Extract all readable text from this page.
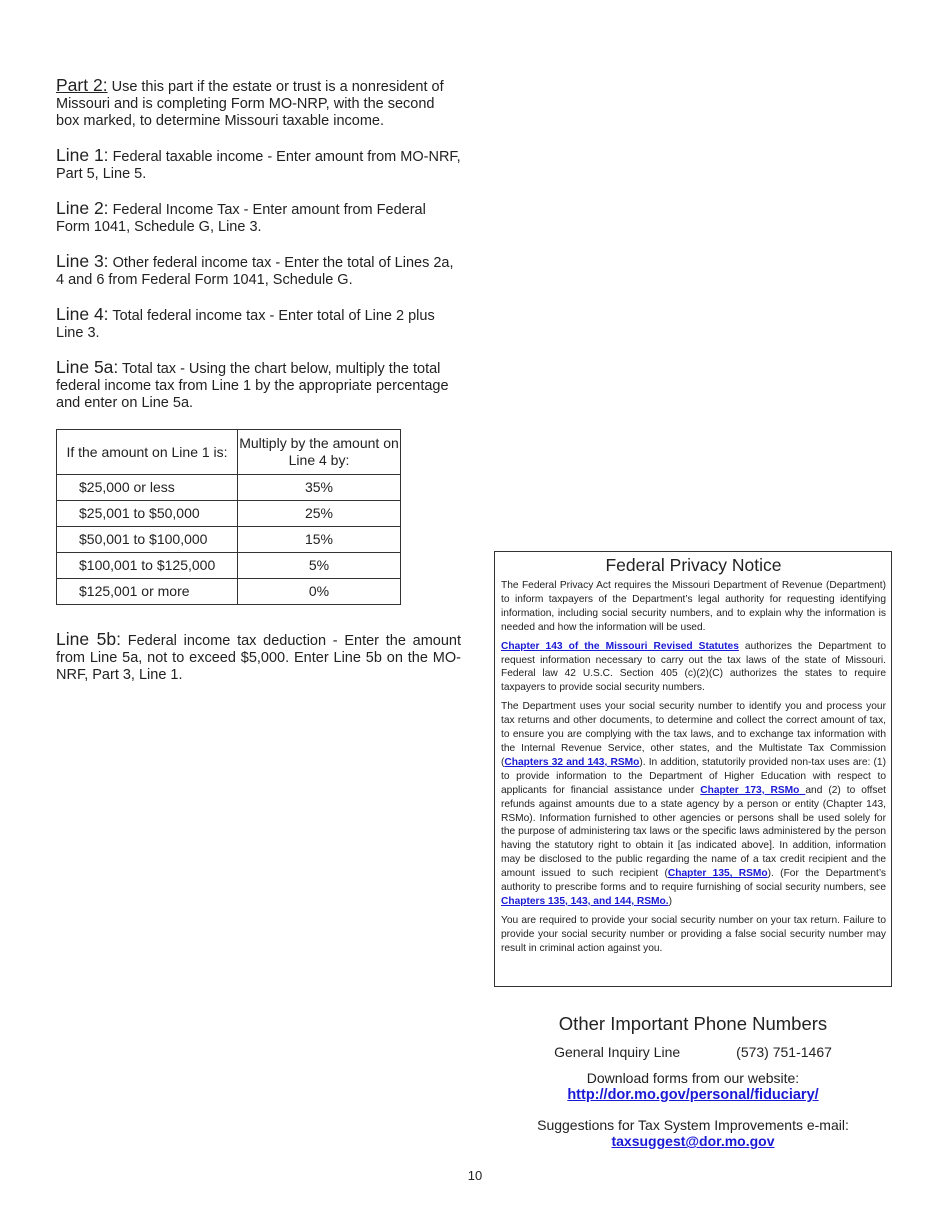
Part 2: Use this part if the estate or trust is a nonresident of Missouri and is completing Form MO-NRP, with the second box marked, to determine Missouri taxable income.

Line 1: Federal taxable income - Enter amount from MO-NRF, Part 5, Line 5.

Line 2: Federal Income Tax - Enter amount from Federal Form 1041, Schedule G, Line 3.

Line 3: Other federal income tax - Enter the total of Lines 2a, 4 and 6 from Federal Form 1041, Schedule G.

Line 4: Total federal income tax - Enter total of Line 2 plus Line 3.

Line 5a: Total tax - Using the chart below, multiply the total federal income tax from Line 1 by the appropriate percentage and enter on Line 5a.

If the amount on Line 1 is:	Multiply by the amount on Line 4 by:
$25,000 or less	35%
$25,001 to $50,000	25%
$50,001 to $100,000	15%
$100,001 to $125,000	5%
$125,001 or more	0%

Line 5b: Federal income tax deduction - Enter the amount from Line 5a, not to exceed $5,000. Enter Line 5b on the MO-NRF, Part 3, Line 1.

Federal Privacy Notice

The Federal Privacy Act requires the Missouri Department of Revenue (Department) to inform taxpayers of the Department’s legal authority for requesting identifying information, including social security numbers, and to explain why the information is needed and how the information will be used.

Chapter 143 of the Missouri Revised Statutes authorizes the Department to request information necessary to carry out the tax laws of the state of Missouri. Federal law 42 U.S.C. Section 405 (c)(2)(C) authorizes the states to require taxpayers to provide social security numbers.

The Department uses your social security number to identify you and process your tax returns and other documents, to determine and collect the correct amount of tax, to ensure you are complying with the tax laws, and to exchange tax information with the Internal Revenue Service, other states, and the Multistate Tax Commission (Chapters 32 and 143, RSMo). In addition, statutorily provided non-tax uses are: (1) to provide information to the Department of Higher Education with respect to applicants for financial assistance under Chapter 173, RSMo and (2) to offset refunds against amounts due to a state agency by a person or entity (Chapter 143, RSMo). Information furnished to other agencies or persons shall be used solely for the purpose of administering tax laws or the specific laws administered by the person having the statutory right to obtain it [as indicated above]. In addition, information may be disclosed to the public regarding the name of a tax credit recipient and the amount issued to such recipient (Chapter 135, RSMo). (For the Department’s authority to prescribe forms and to require furnishing of social security numbers, see Chapters 135, 143, and 144, RSMo.)

You are required to provide your social security number on your tax return. Failure to provide your social security number or providing a false social security number may result in criminal action against you.

Other Important Phone Numbers
General Inquiry Line	(573) 751-1467
Download forms from our website:
http://dor.mo.gov/personal/fiduciary/
Suggestions for Tax System Improvements e-mail:
taxsuggest@dor.mo.gov
10
